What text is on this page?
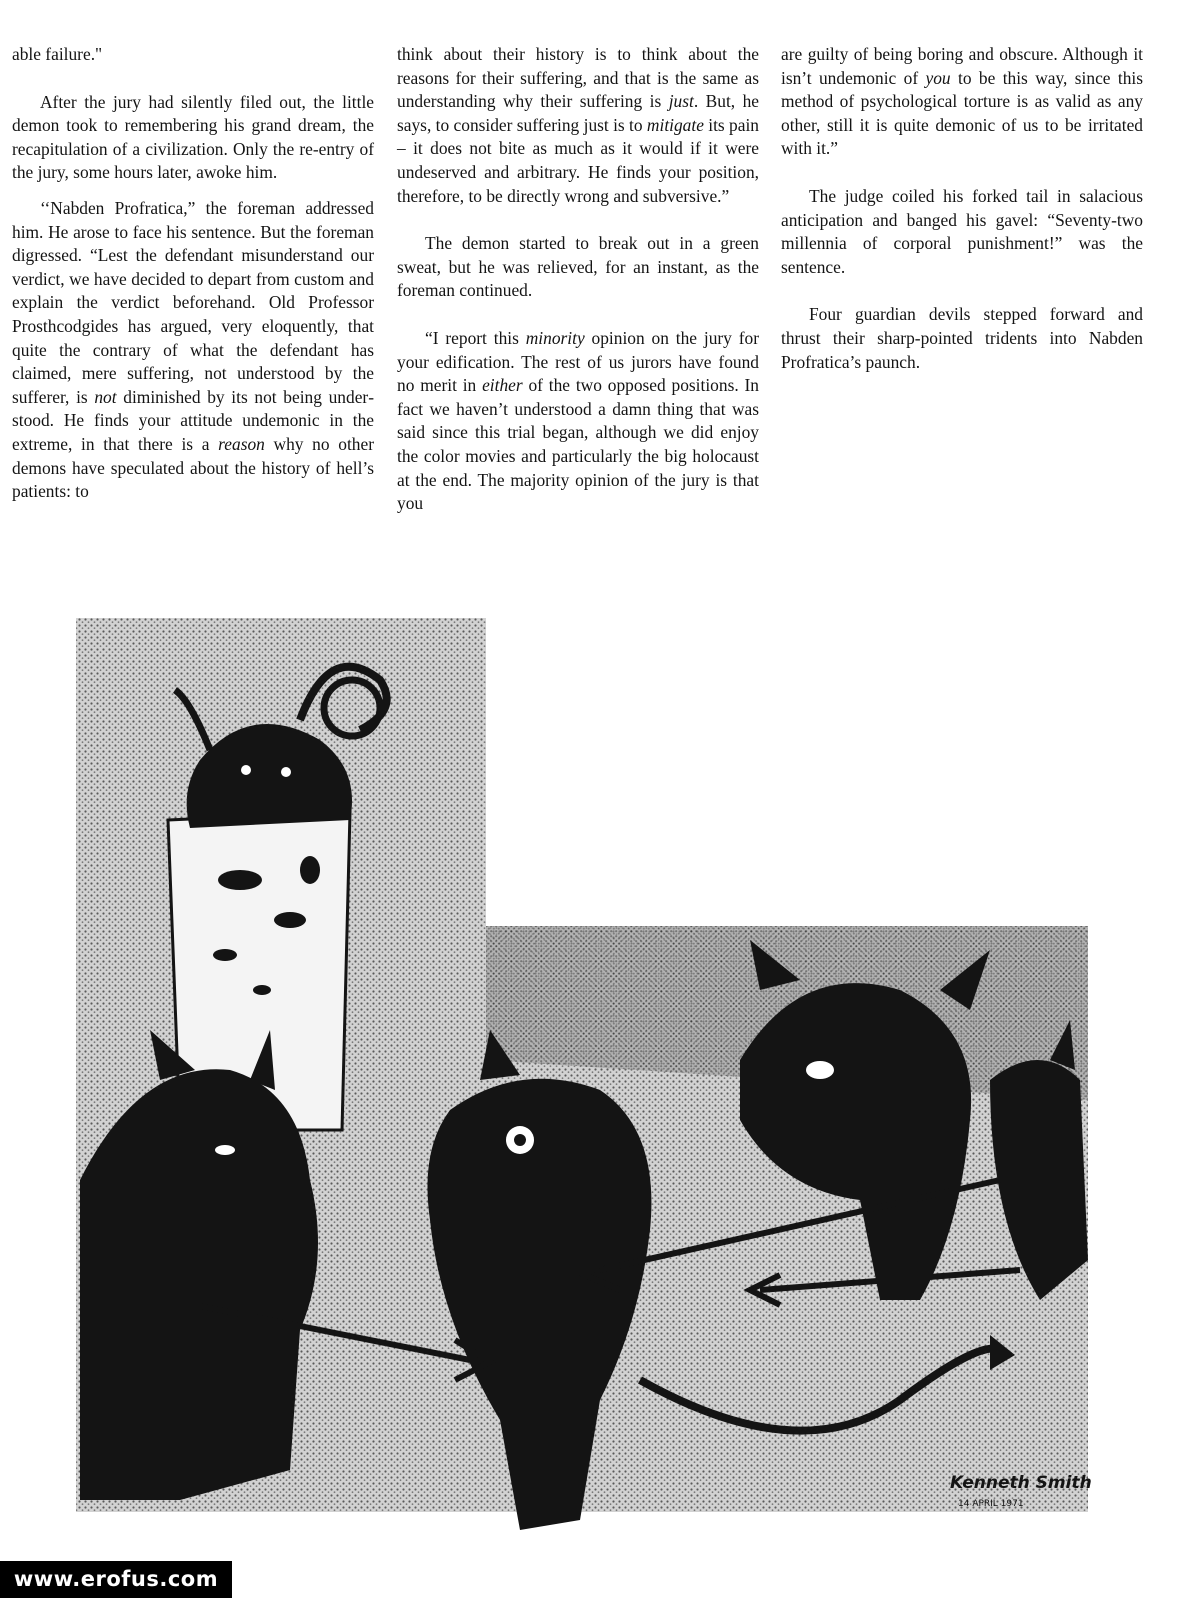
Kenneth Smith
14 APRIL 1971

able failure."

After the jury had silently filed out, the little demon took to remembering his grand dream, the recapitulation of a civilization. Only the re-entry of the jury, some hours later, awoke him.

‘‘Nabden Profratica,” the foreman addressed him. He arose to face his sentence. But the foreman digressed. “Lest the defendant misunderstand our verdict, we have decided to depart from custom and explain the verdict beforehand. Old Professor Prosthcodgides has argued, very eloquently, that quite the contrary of what the defendant has claimed, mere suffering, not understood by the sufferer, is not diminished by its not being understood. He finds your attitude undemonic in the extreme, in that there is a reason why no other demons have speculated about the history of hell’s patients: to

think about their history is to think about the reasons for their suffering, and that is the same as understanding why their suffering is just. But, he says, to consider suffering just is to mitigate its pain – it does not bite as much as it would if it were undeserved and arbitrary. He finds your position, therefore, to be directly wrong and subversive.”

The demon started to break out in a green sweat, but he was relieved, for an instant, as the foreman continued.

“I report this minority opinion on the jury for your edification. The rest of us jurors have found no merit in either of the two opposed positions. In fact we haven’t understood a damn thing that was said since this trial began, although we did enjoy the color movies and particularly the big holocaust at the end. The majority opinion of the jury is that you

are guilty of being boring and obscure. Although it isn’t undemonic of you to be this way, since this method of psychological torture is as valid as any other, still it is quite demonic of us to be irritated with it.”

The judge coiled his forked tail in salacious anticipation and banged his gavel: “Seventy-two millennia of corporal punishment!” was the sentence.

Four guardian devils stepped forward and thrust their sharp-pointed tridents into Nabden Profratica’s paunch.

www.erofus.com
